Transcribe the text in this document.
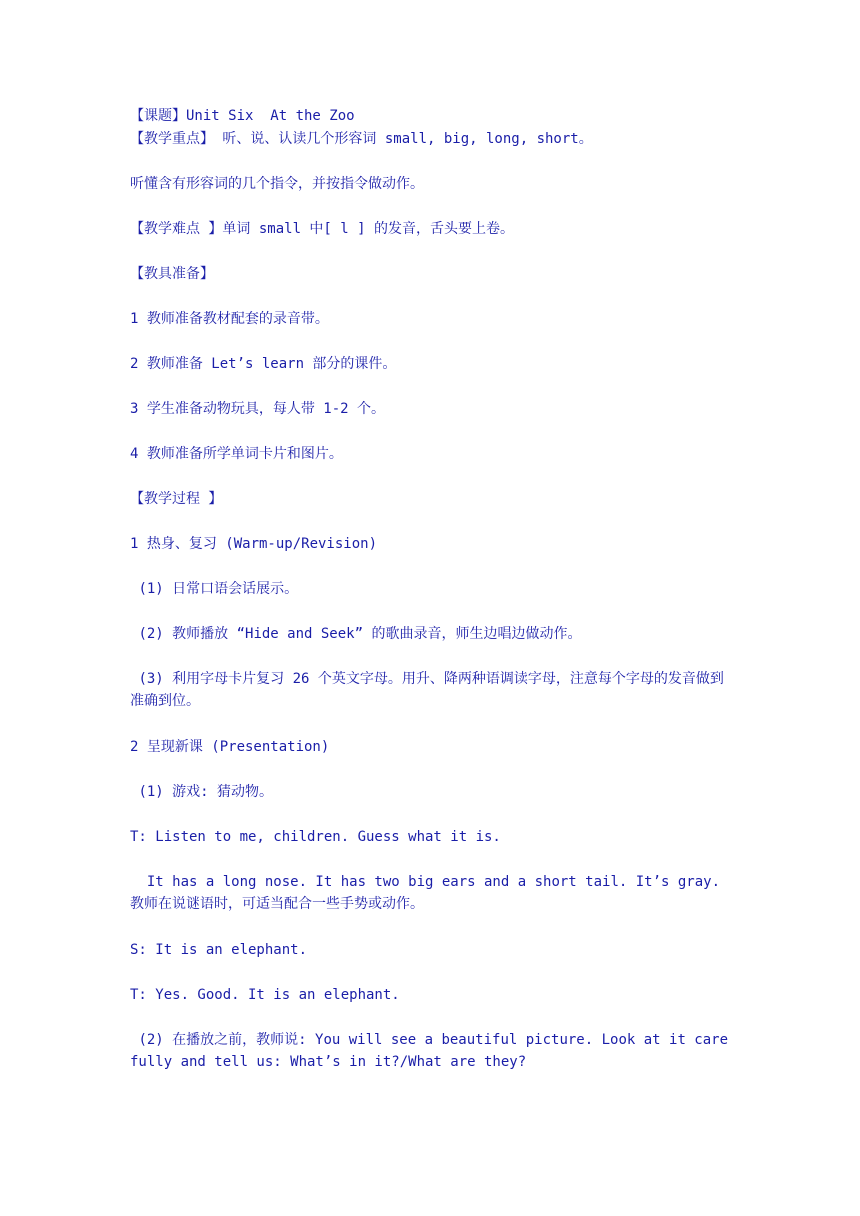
【课题】Unit Six  At the Zoo
【教学重点】 听、说、认读几个形容词 small, big, long, short。
听懂含有形容词的几个指令，并按指令做动作。
【教学难点 】单词 small 中[ l ] 的发音，舌头要上卷。
【教具准备】
1 教师准备教材配套的录音带。
2 教师准备 Let’s learn 部分的课件。
3 学生准备动物玩具，每人带 1-2 个。
4 教师准备所学单词卡片和图片。
【教学过程 】
1 热身、复习 (Warm-up/Revision)
(1) 日常口语会话展示。
(2) 教师播放 “Hide and Seek” 的歌曲录音，师生边唱边做动作。
(3) 利用字母卡片复习 26 个英文字母。用升、降两种语调读字母，注意每个字母的发音做到准确到位。
2 呈现新课 (Presentation)
(1) 游戏: 猜动物。
T: Listen to me, children. Guess what it is.
It has a long nose. It has two big ears and a short tail. It’s gray. 教师在说谜语时，可适当配合一些手势或动作。
S: It is an elephant.
T: Yes. Good. It is an elephant.
(2) 在播放之前，教师说: You will see a beautiful picture. Look at it carefully and tell us: What’s in it?/What are they?
